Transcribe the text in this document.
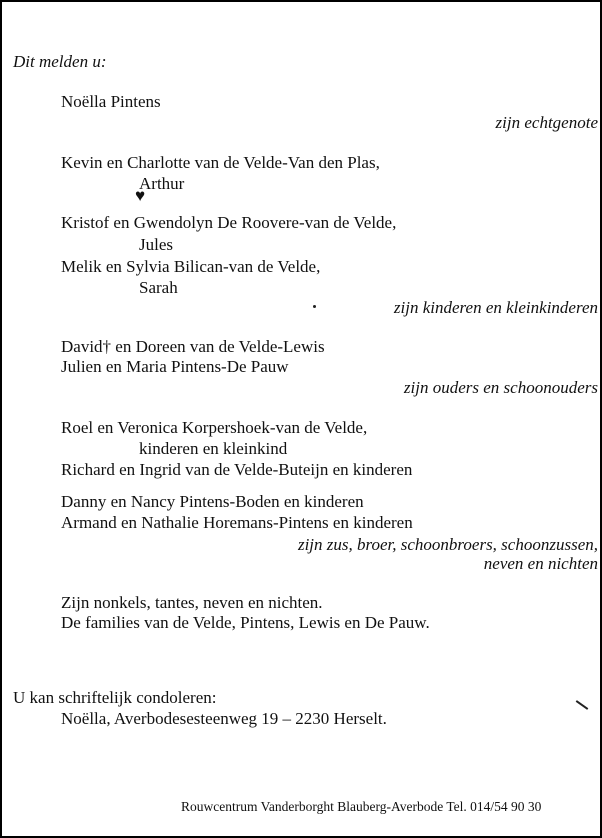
Dit melden u:
Noëlla Pintens
zijn echtgenote
Kevin en Charlotte van de Velde-Van den Plas,
Arthur
♥
Kristof en Gwendolyn De Roovere-van de Velde,
Jules
Melik en Sylvia Bilican-van de Velde,
Sarah
zijn kinderen en kleinkinderen
David† en Doreen van de Velde-Lewis
Julien en Maria Pintens-De Pauw
zijn ouders en schoonouders
Roel en Veronica Korpershoek-van de Velde,
kinderen en kleinkind
Richard en Ingrid van de Velde-Buteijn en kinderen
Danny en Nancy Pintens-Boden en kinderen
Armand en Nathalie Horemans-Pintens en kinderen
zijn zus, broer, schoonbroers, schoonzussen,
neven en nichten
Zijn nonkels, tantes, neven en nichten.
De families van de Velde, Pintens, Lewis en De Pauw.
U kan schriftelijk condoleren:
Noëlla, Averbodesesteenweg 19 – 2230 Herselt.
Rouwcentrum Vanderborght Blauberg-Averbode Tel. 014/54 90 30
